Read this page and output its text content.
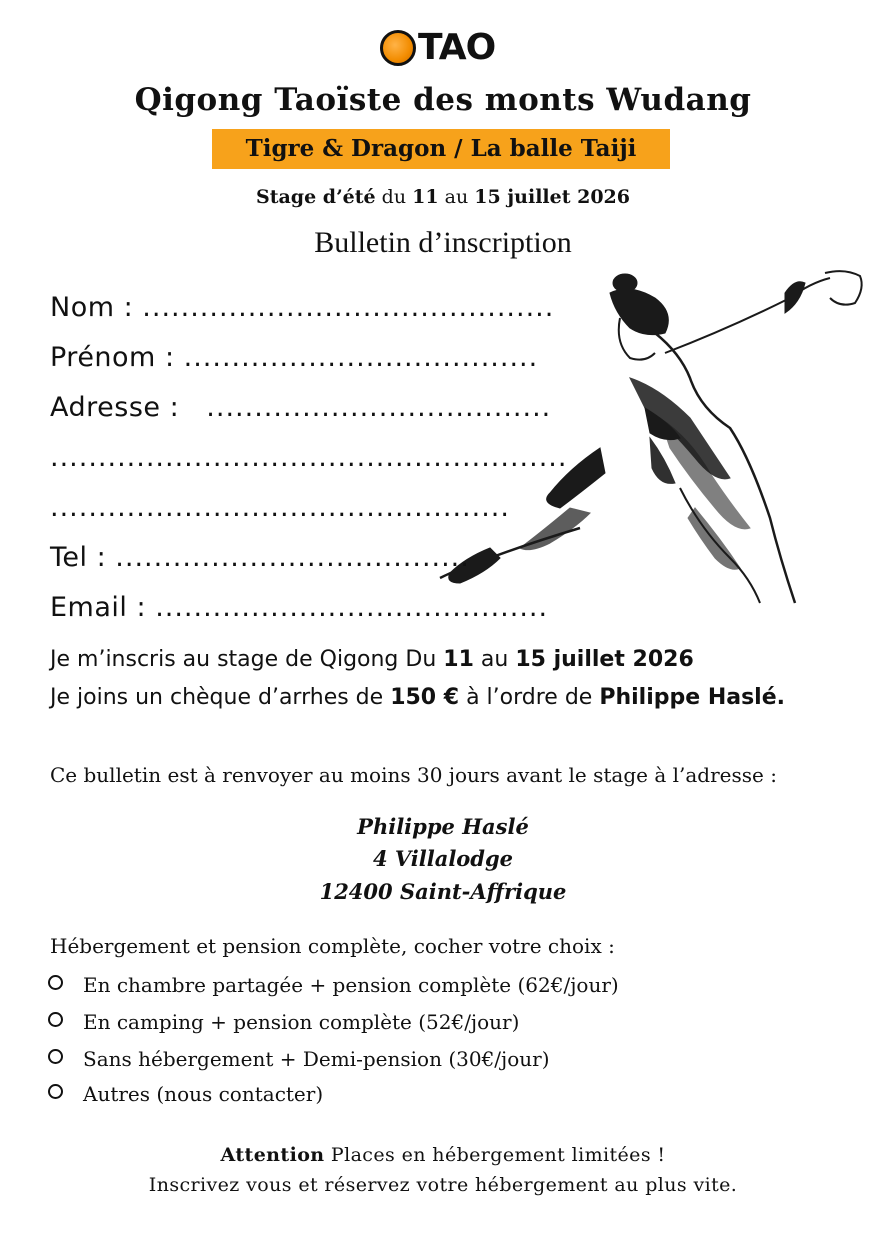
TAO
Qigong Taoïste des monts Wudang
Tigre & Dragon / La balle Taiji
Stage d’été du 11 au 15 juillet 2026
Bulletin d’inscription
Nom : ...........................................
Prénom : .....................................
Adresse : ....................................
......................................................
................................................
Tel : .....................................
Email : .........................................
Je m’inscris au stage de Qigong Du 11 au 15 juillet 2026
Je joins un chèque d’arrhes de 150 € à l’ordre de Philippe Haslé.
Ce bulletin est à renvoyer au moins 30 jours avant le stage à l’adresse :
Philippe Haslé
4 Villalodge
12400 Saint-Affrique
Hébergement et pension complète, cocher votre choix :
En chambre partagée + pension complète (62€/jour)
En camping + pension complète (52€/jour)
Sans hébergement + Demi-pension (30€/jour)
Autres (nous contacter)
Attention Places en hébergement limitées !
Inscrivez vous et réservez votre hébergement au plus vite.
